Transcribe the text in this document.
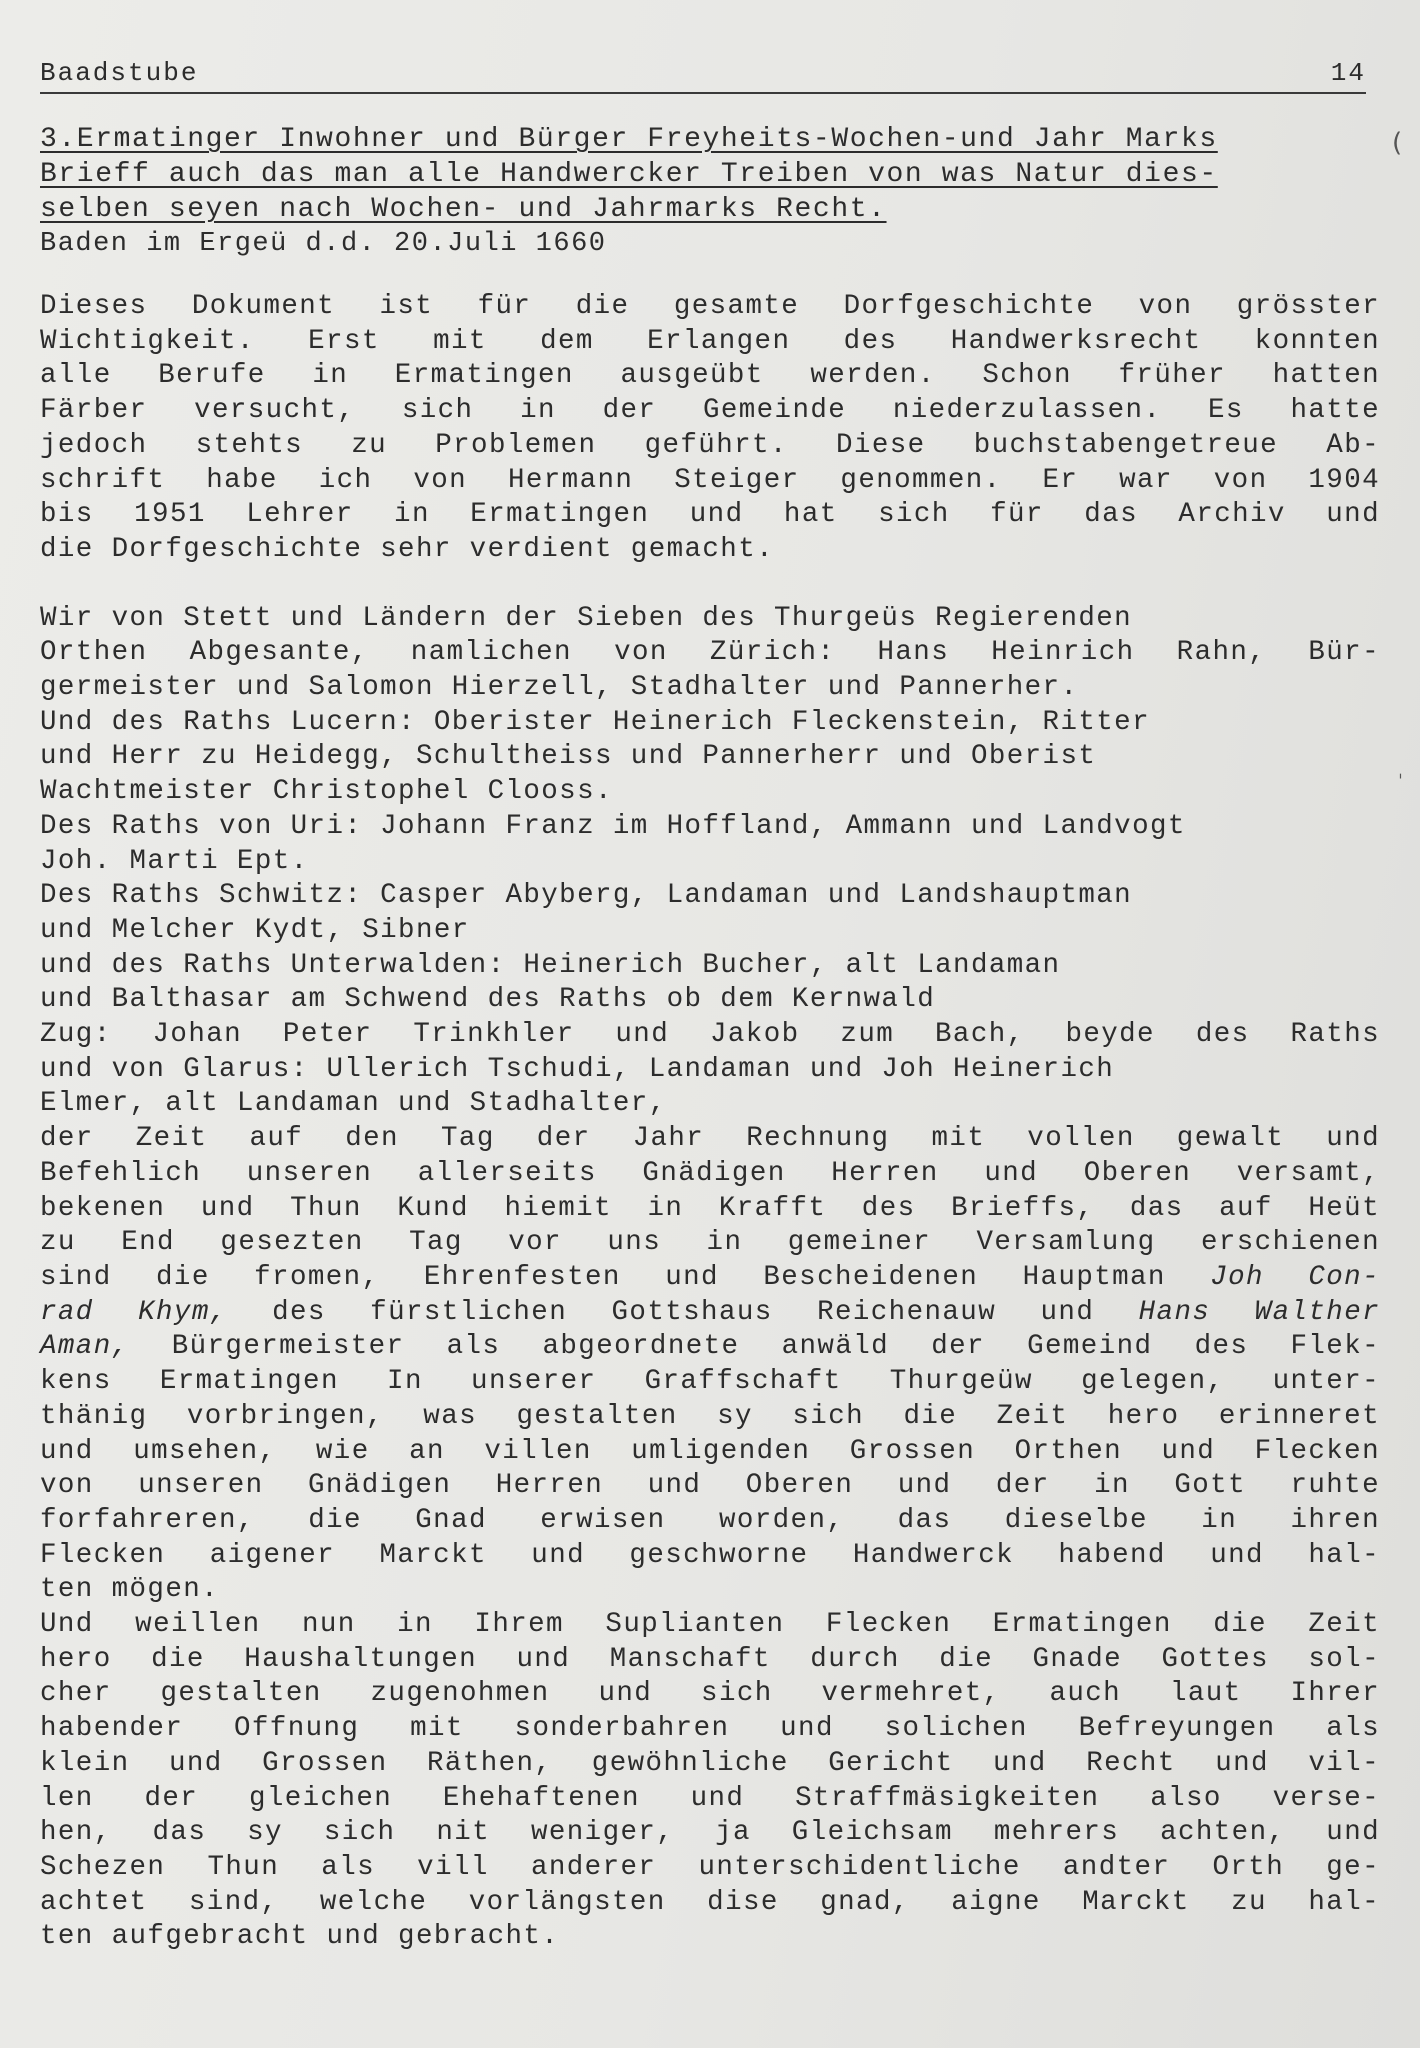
Baadstube	14
3.Ermatinger Inwohner und Bürger Freyheits-Wochen-und Jahr Marks
Brieff auch das man alle Handwercker Treiben von was Natur dies-
selben seyen nach Wochen- und Jahrmarks Recht.
Baden im Ergeü d.d. 20.Juli 1660
Dieses Dokument ist für die gesamte Dorfgeschichte von grösster
Wichtigkeit. Erst mit dem Erlangen des Handwerksrecht konnten
alle Berufe in Ermatingen ausgeübt werden. Schon früher hatten
Färber versucht, sich in der Gemeinde niederzulassen. Es hatte
jedoch stehts zu Problemen geführt. Diese buchstabengetreue Ab-
schrift habe ich von Hermann Steiger genommen. Er war von 1904
bis 1951 Lehrer in Ermatingen und hat sich für das Archiv und
die Dorfgeschichte sehr verdient gemacht.
Wir von Stett und Ländern der Sieben des Thurgeüs Regierenden
Orthen Abgesante, namlichen von Zürich: Hans Heinrich Rahn, Bür-
germeister und Salomon Hierzell, Stadhalter und Pannerher.
Und des Raths Lucern: Oberister Heinerich Fleckenstein, Ritter
und Herr zu Heidegg, Schultheiss und Pannerherr und Oberist
Wachtmeister Christophel Clooss.
Des Raths von Uri: Johann Franz im Hoffland, Ammann und Landvogt
Joh. Marti Ept.
Des Raths Schwitz: Casper Abyberg, Landaman und Landshauptman
und Melcher Kydt, Sibner
und des Raths Unterwalden: Heinerich Bucher, alt Landaman
und Balthasar am Schwend des Raths ob dem Kernwald
Zug: Johan Peter Trinkhler und Jakob zum Bach, beyde des Raths
und von Glarus: Ullerich Tschudi, Landaman und Joh Heinerich
Elmer, alt Landaman und Stadhalter,
der Zeit auf den Tag der Jahr Rechnung mit vollen gewalt und
Befehlich unseren allerseits Gnädigen Herren und Oberen versamt,
bekenen und Thun Kund hiemit in Krafft des Brieffs, das auf Heüt
zu End gesezten Tag vor uns in gemeiner Versamlung erschienen
sind die fromen, Ehrenfesten und Bescheidenen Hauptman Joh Con-
rad Khym, des fürstlichen Gottshaus Reichenauw und Hans Walther
Aman, Bürgermeister als abgeordnete anwäld der Gemeind des Flek-
kens Ermatingen In unserer Graffschaft Thurgeüw gelegen, unter-
thänig vorbringen, was gestalten sy sich die Zeit hero erinneret
und umsehen, wie an villen umligenden Grossen Orthen und Flecken
von unseren Gnädigen Herren und Oberen und der in Gott ruhte
forfahreren, die Gnad erwisen worden, das dieselbe in ihren
Flecken aigener Marckt und geschworne Handwerck habend und hal-
ten mögen.
Und weillen nun in Ihrem Suplianten Flecken Ermatingen die Zeit
hero die Haushaltungen und Manschaft durch die Gnade Gottes sol-
cher gestalten zugenohmen und sich vermehret, auch laut Ihrer
habender Offnung mit sonderbahren und solichen Befreyungen als
klein und Grossen Räthen, gewöhnliche Gericht und Recht und vil-
len der gleichen Ehehaftenen und Straffmäsigkeiten also verse-
hen, das sy sich nit weniger, ja Gleichsam mehrers achten, und
Schezen Thun als vill anderer unterschidentliche andter Orth ge-
achtet sind, welche vorlängsten dise gnad, aigne Marckt zu hal-
ten aufgebracht und gebracht.
(
ˌ
